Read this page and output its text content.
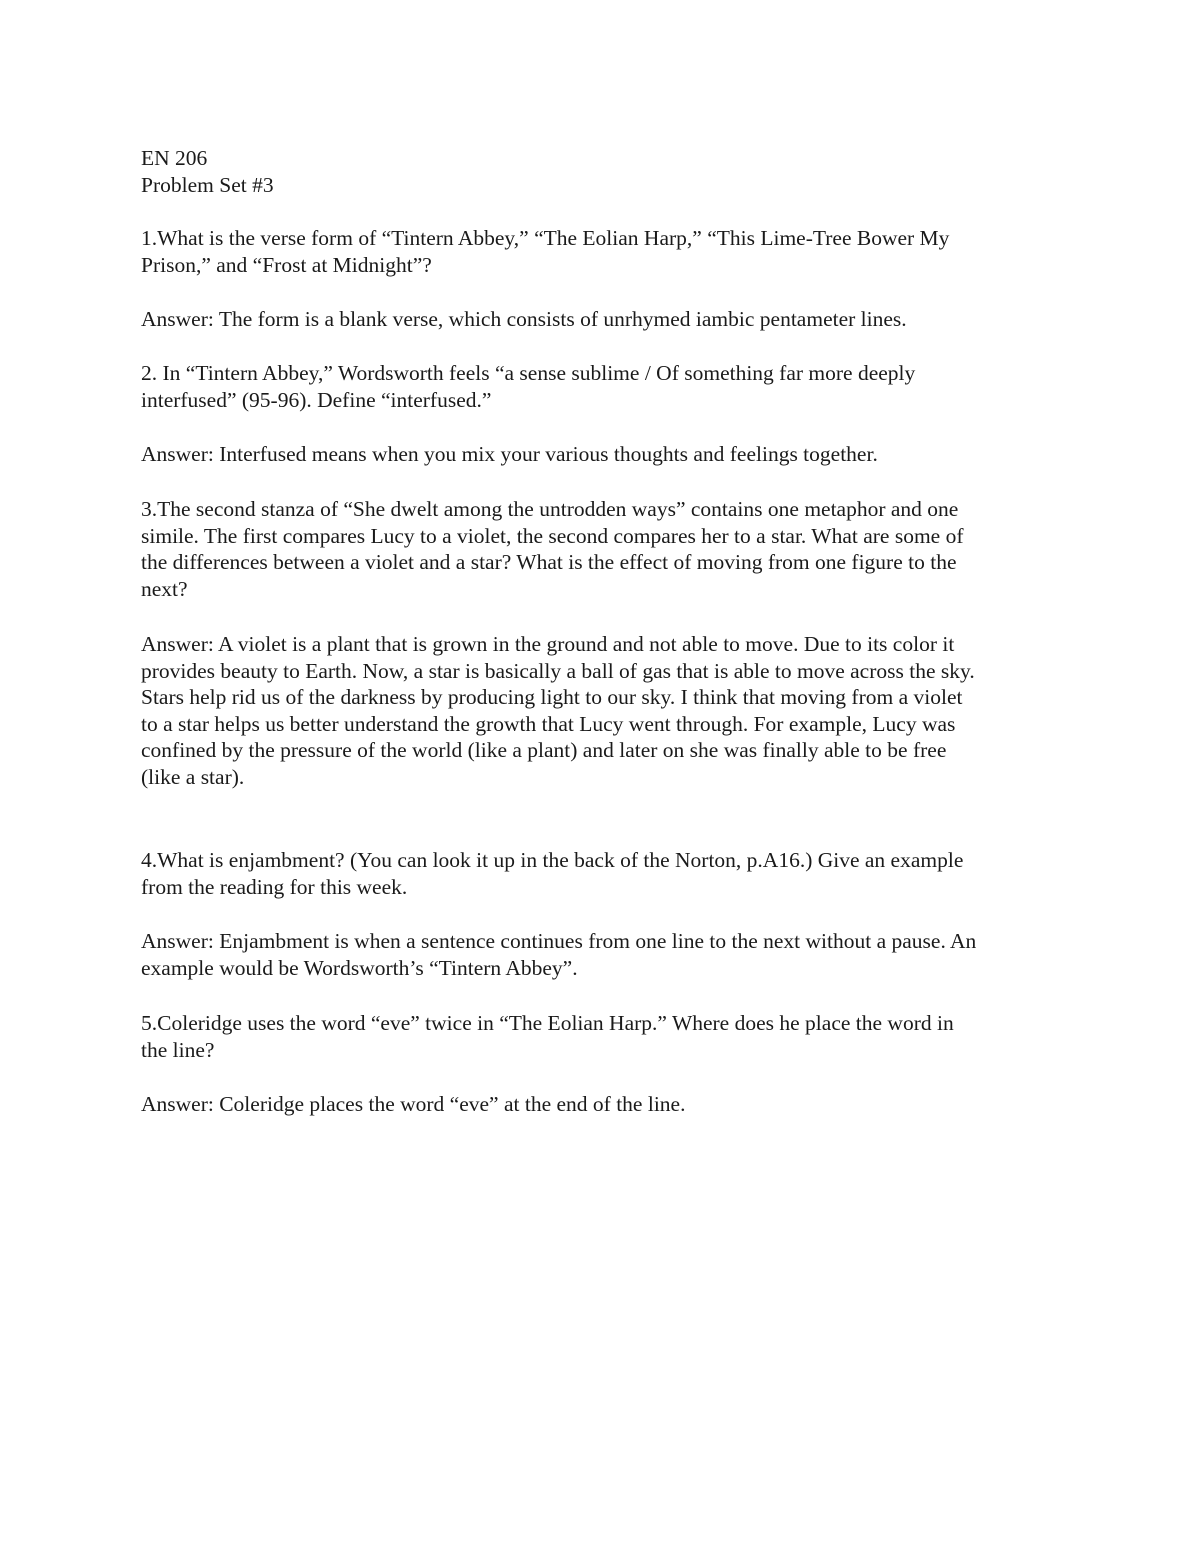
EN 206
Problem Set #3
1.What is the verse form of “Tintern Abbey,” “The Eolian Harp,” “This Lime-Tree Bower My
Prison,” and “Frost at Midnight”?
Answer: The form is a blank verse, which consists of unrhymed iambic pentameter lines.
2. In “Tintern Abbey,” Wordsworth feels “a sense sublime / Of something far more deeply
interfused” (95-96). Define “interfused.”
Answer: Interfused means when you mix your various thoughts and feelings together.
3.The second stanza of “She dwelt among the untrodden ways” contains one metaphor and one
simile. The first compares Lucy to a violet, the second compares her to a star. What are some of
the differences between a violet and a star? What is the effect of moving from one figure to the
next?
Answer: A violet is a plant that is grown in the ground and not able to move. Due to its color it
provides beauty to Earth. Now, a star is basically a ball of gas that is able to move across the sky.
Stars help rid us of the darkness by producing light to our sky. I think that moving from a violet
to a star helps us better understand the growth that Lucy went through. For example, Lucy was
confined by the pressure of the world (like a plant) and later on she was finally able to be free
(like a star).
4.What is enjambment? (You can look it up in the back of the Norton, p.A16.) Give an example
from the reading for this week.
Answer: Enjambment is when a sentence continues from one line to the next without a pause. An
example would be Wordsworth’s “Tintern Abbey”.
5.Coleridge uses the word “eve” twice in “The Eolian Harp.” Where does he place the word in
the line?
Answer: Coleridge places the word “eve” at the end of the line.
